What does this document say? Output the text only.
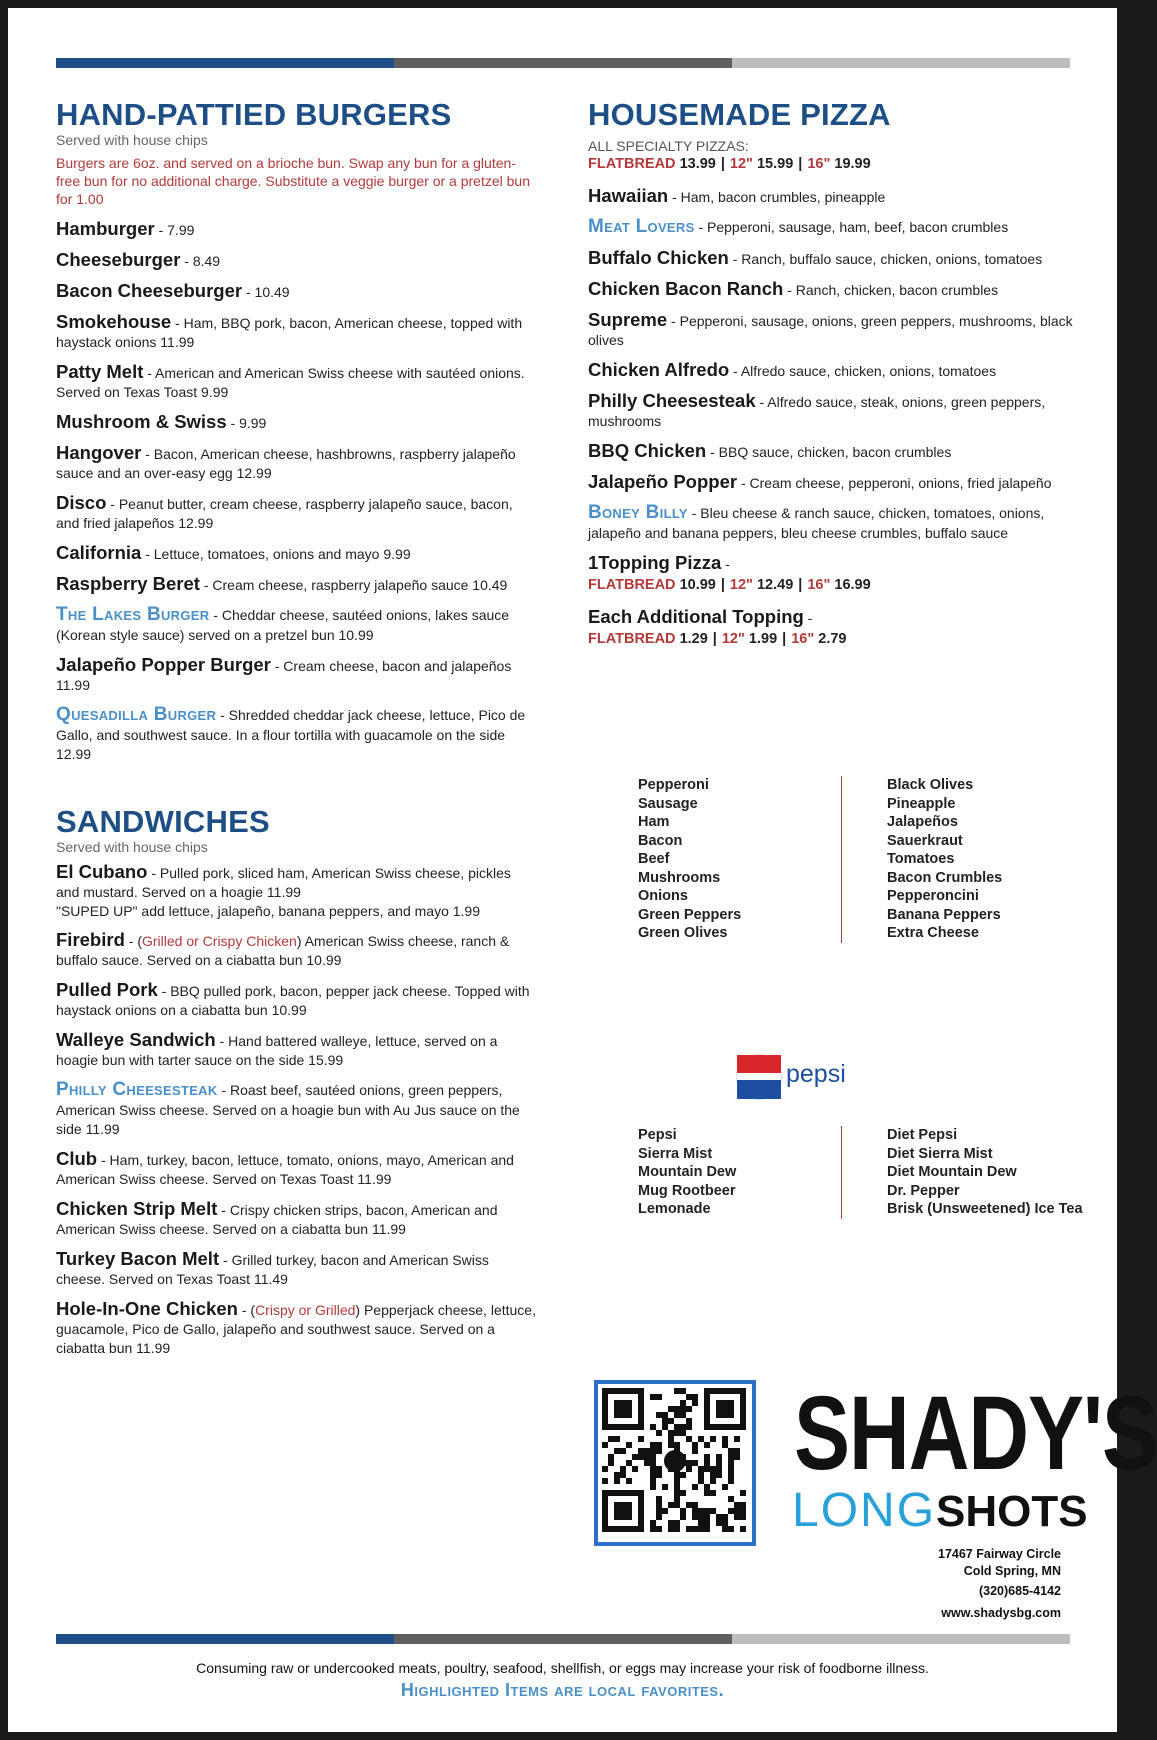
HAND-PATTIED BURGERS

Served with house chips

Burgers are 6oz. and served on a brioche bun. Swap any bun for a gluten-free bun for no additional charge. Substitute a veggie burger or a pretzel bun for 1.00
Hamburger - 7.99
Cheeseburger - 8.49
Bacon Cheeseburger - 10.49
Smokehouse - Ham, BBQ pork, bacon, American cheese, topped with haystack onions 11.99
Patty Melt - American and American Swiss cheese with sautéed onions. Served on Texas Toast 9.99
Mushroom & Swiss - 9.99
Hangover - Bacon, American cheese, hashbrowns, raspberry jalapeño sauce and an over-easy egg 12.99
Disco - Peanut butter, cream cheese, raspberry jalapeño sauce, bacon, and fried jalapeños 12.99
California - Lettuce, tomatoes, onions and mayo 9.99
Raspberry Beret - Cream cheese, raspberry jalapeño sauce 10.49
The Lakes Burger - Cheddar cheese, sautéed onions, lakes sauce (Korean style sauce) served on a pretzel bun 10.99
Jalapeño Popper Burger - Cream cheese, bacon and jalapeños 11.99
Quesadilla Burger - Shredded cheddar jack cheese, lettuce, Pico de Gallo, and southwest sauce. In a flour tortilla with guacamole on the side 12.99
SANDWICHES

Served with house chips

El Cubano - Pulled pork, sliced ham, American Swiss cheese, pickles and mustard. Served on a hoagie 11.99
"SUPED UP" add lettuce, jalapeño, banana peppers, and mayo 1.99
Firebird - (Grilled or Crispy Chicken) American Swiss cheese, ranch & buffalo sauce. Served on a ciabatta bun 10.99
Pulled Pork - BBQ pulled pork, bacon, pepper jack cheese. Topped with haystack onions on a ciabatta bun 10.99
Walleye Sandwich - Hand battered walleye, lettuce, served on a hoagie bun with tarter sauce on the side 15.99
Philly Cheesesteak - Roast beef, sautéed onions, green peppers, American Swiss cheese. Served on a hoagie bun with Au Jus sauce on the side 11.99
Club - Ham, turkey, bacon, lettuce, tomato, onions, mayo, American and American Swiss cheese. Served on Texas Toast 11.99
Chicken Strip Melt - Crispy chicken strips, bacon, American and American Swiss cheese. Served on a ciabatta bun 11.99
Turkey Bacon Melt - Grilled turkey, bacon and American Swiss cheese. Served on Texas Toast 11.49
Hole-In-One Chicken - (Crispy or Grilled) Pepperjack cheese, lettuce, guacamole, Pico de Gallo, jalapeño and southwest sauce. Served on a ciabatta bun 11.99
HOUSEMADE PIZZA
ALL SPECIALTY PIZZAS:
FLATBREAD 13.99 | 12" 15.99 | 16" 19.99
Hawaiian - Ham, bacon crumbles, pineapple
Meat Lovers - Pepperoni, sausage, ham, beef, bacon crumbles
Buffalo Chicken - Ranch, buffalo sauce, chicken, onions, tomatoes
Chicken Bacon Ranch - Ranch, chicken, bacon crumbles
Supreme - Pepperoni, sausage, onions, green peppers, mushrooms, black olives
Chicken Alfredo - Alfredo sauce, chicken, onions, tomatoes
Philly Cheesesteak - Alfredo sauce, steak, onions, green peppers, mushrooms
BBQ Chicken - BBQ sauce, chicken, bacon crumbles
Jalapeño Popper - Cream cheese, pepperoni, onions, fried jalapeño
Boney Billy - Bleu cheese & ranch sauce, chicken, tomatoes, onions, jalapeño and banana peppers, bleu cheese crumbles, buffalo sauce
1Topping Pizza -
FLATBREAD 10.99 | 12" 12.49 | 16" 16.99
Each Additional Topping -
FLATBREAD 1.29 | 12" 1.99 | 16" 2.79
Pepperoni
Sausage
Ham
Bacon
Beef
Mushrooms
Onions
Green Peppers
Green Olives
Black Olives
Pineapple
Jalapeños
Sauerkraut
Tomatoes
Bacon Crumbles
Pepperoncini
Banana Peppers
Extra Cheese
pepsi
Pepsi
Sierra Mist
Mountain Dew
Mug Rootbeer
Lemonade
Diet Pepsi
Diet Sierra Mist
Diet Mountain Dew
Dr. Pepper
Brisk (Unsweetened) Ice Tea
SHADY'S
LONGSHOTS
17467 Fairway Circle
Cold Spring, MN
(320)685-4142
www.shadysbg.com
Consuming raw or undercooked meats, poultry, seafood, shellfish, or eggs may increase your risk of foodborne illness.
Highlighted Items are local favorites.
